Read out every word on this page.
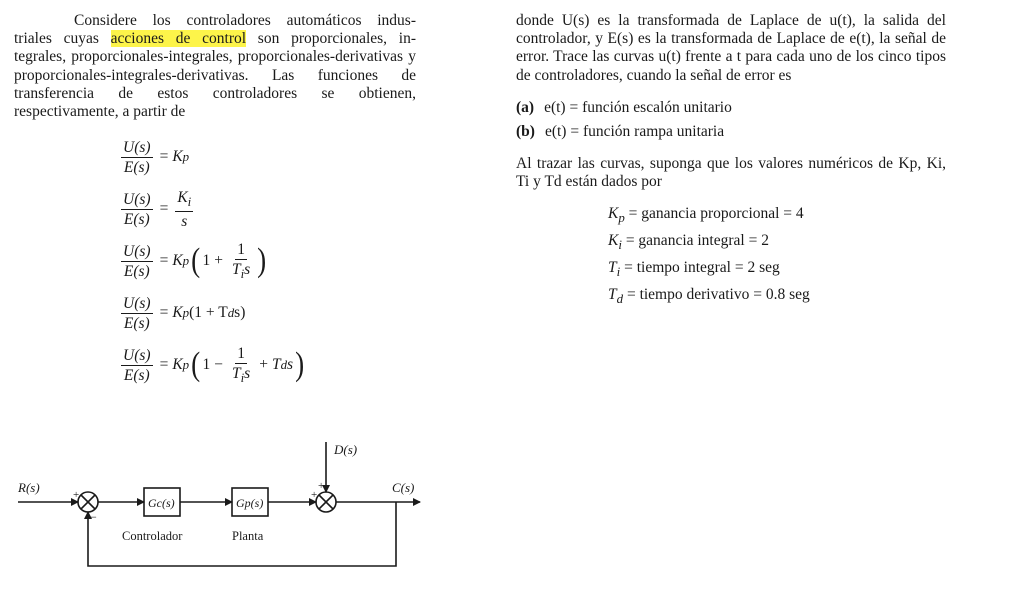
Considere los controladores automáticos indus-
triales cuyas acciones de control son proporcionales, in-
tegrales, proporcionales-integrales, proporcionales-derivativas y proporcionales-integrales-derivativas. Las funciones de transferencia de estos controladores se obtienen, respectivamente, a partir de
$\frac{U(s)}{E(s)} = K$ p
$\frac{U(s)}{E(s)} = \frac{K_i}{s}$
$\frac{U(s)}{E(s)} = K$ p ( $1 + \frac{1}{T_is}$ )
$\frac{U(s)}{E(s)} = K$ p (1 + T d s)
$\frac{U(s)}{E(s)} = K$ p ( $1 - \frac{1}{T_is} + T$ d s )
donde U(s) es la transformada de Laplace de u(t), la salida del controlador, y E(s) es la transformada de Laplace de e(t), la señal de error. Trace las curvas u(t) frente a t para cada uno de los cinco tipos de controladores, cuando la señal de error es
(a) e(t) = función escalón unitario
(b) e(t) = función rampa unitaria
Al trazar las curvas, suponga que los valores numéricos de Kp, Ki, Ti y Td están dados por
$K_p$ = ganancia proporcional = 4
$K_i$ = ganancia integral = 2
$T_i$ = tiempo integral = 2 seg
$T_d$ = tiempo derivativo = 0.8 seg
R(s)	C(s)
D(s)
Gc(s)	Gp(s)
Controlador	Planta
+
−
+
+
